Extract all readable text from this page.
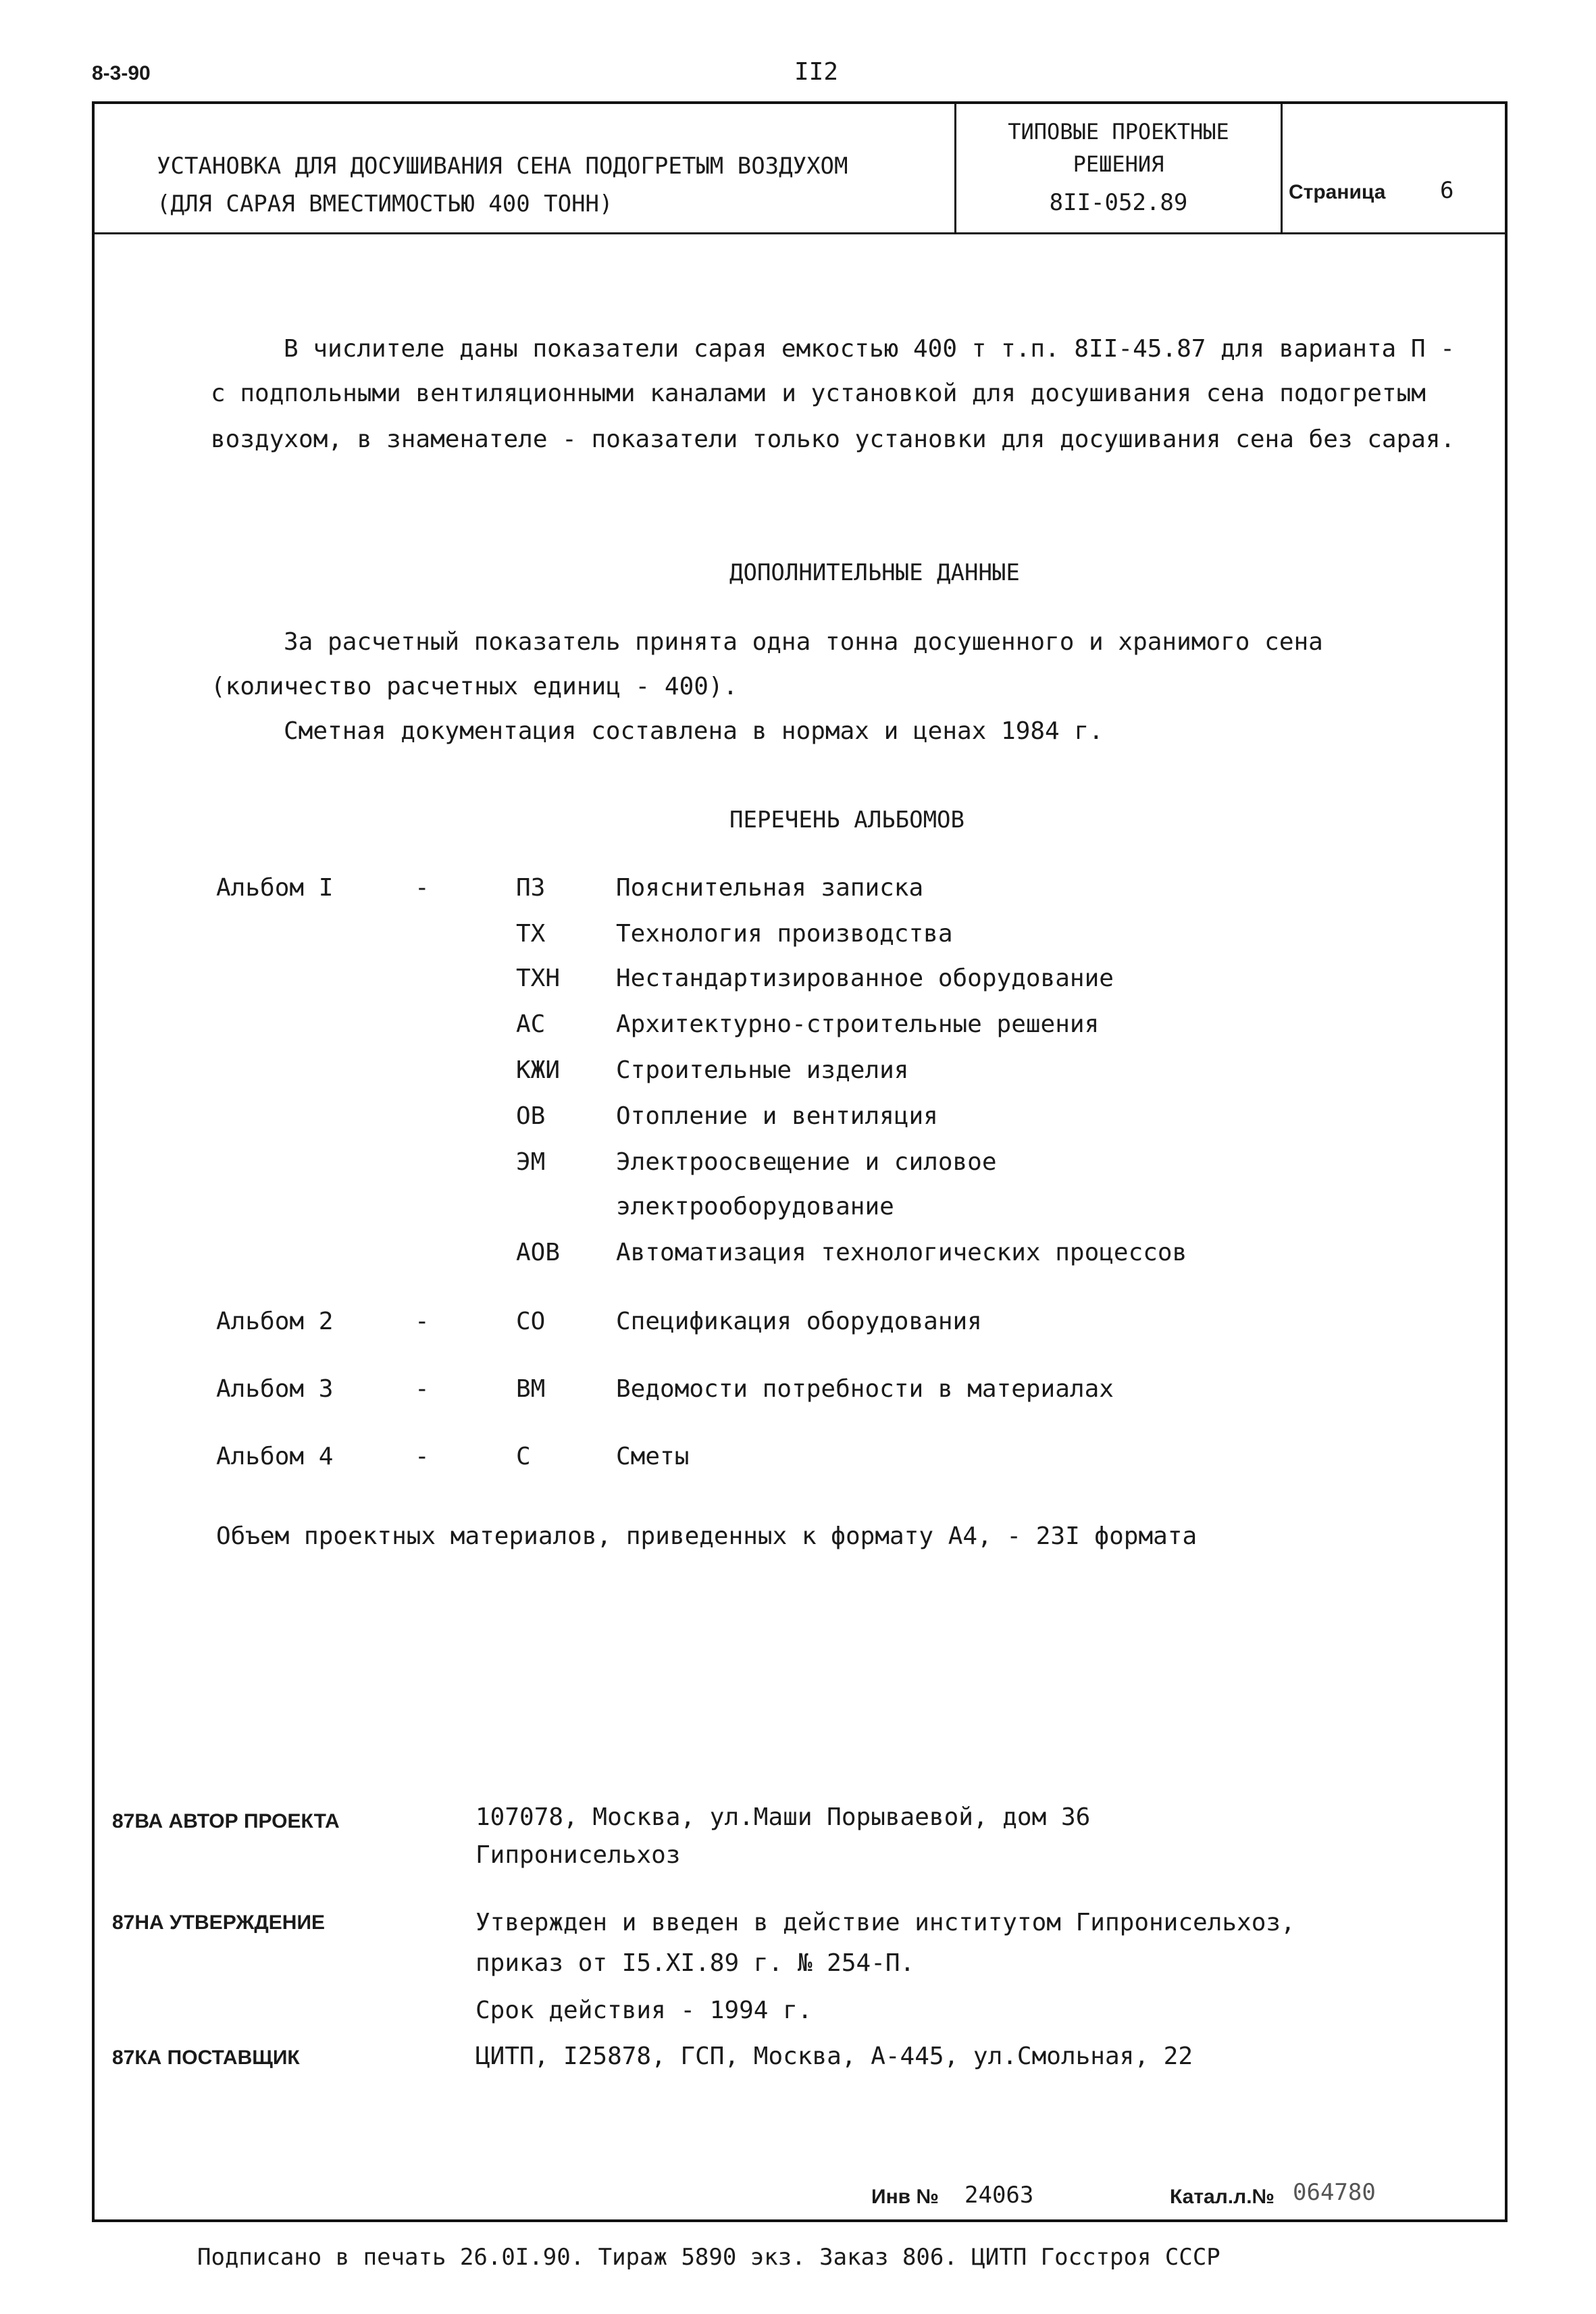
8-3-90	II2
УСТАНОВКА ДЛЯ ДОСУШИВАНИЯ СЕНА ПОДОГРЕТЫМ ВОЗДУХОМ
(ДЛЯ САРАЯ ВМЕСТИМОСТЬЮ 400 ТОНН)
ТИПОВЫЕ ПРОЕКТНЫЕ
РЕШЕНИЯ
8II-052.89	Страница 6
В числителе даны показатели сарая емкостью 400 т т.п. 8II-45.87 для варианта П -
с подпольными вентиляционными каналами и установкой для досушивания сена подогретым
воздухом, в знаменателе - показатели только установки для досушивания сена без сарая.
ДОПОЛНИТЕЛЬНЫЕ ДАННЫЕ
За расчетный показатель принята одна тонна досушенного и хранимого сена
(количество расчетных единиц - 400).
Сметная документация составлена в нормах и ценах 1984 г.
ПЕРЕЧЕНЬ АЛЬБОМОВ
Альбом I	-	ПЗ	Пояснительная записка
ТХ	Технология производства
ТХН Нестандартизированное оборудование
АС	Архитектурно-строительные решения
КЖИ Строительные изделия
ОВ	Отопление и вентиляция
ЭМ	Электроосвещение и силовое
электрооборудование
АОВ Автоматизация технологических процессов
Альбом 2	-	СО	Спецификация оборудования
Альбом 3	-	ВМ	Ведомости потребности в материалах
Альбом 4	-	С	Сметы
Объем проектных материалов, приведенных к формату А4, - 23I формата
87ВА АВТОР ПРОЕКТА	107078, Москва, ул.Маши Порываевой, дом 36
Гипронисельхоз
87НА УТВЕРЖДЕНИЕ	Утвержден и введен в действие институтом Гипронисельхоз,
приказ от I5.XI.89 г. № 254-П.
Срок действия - 1994 г.
87КА ПОСТАВЩИК	ЦИТП, I25878, ГСП, Москва, А-445, ул.Смольная, 22
Инв № 24063	Катал.л.№ 064780
Подписано в печать 26.0I.90. Тираж 5890 экз. Заказ 806. ЦИТП Госстроя СССР
